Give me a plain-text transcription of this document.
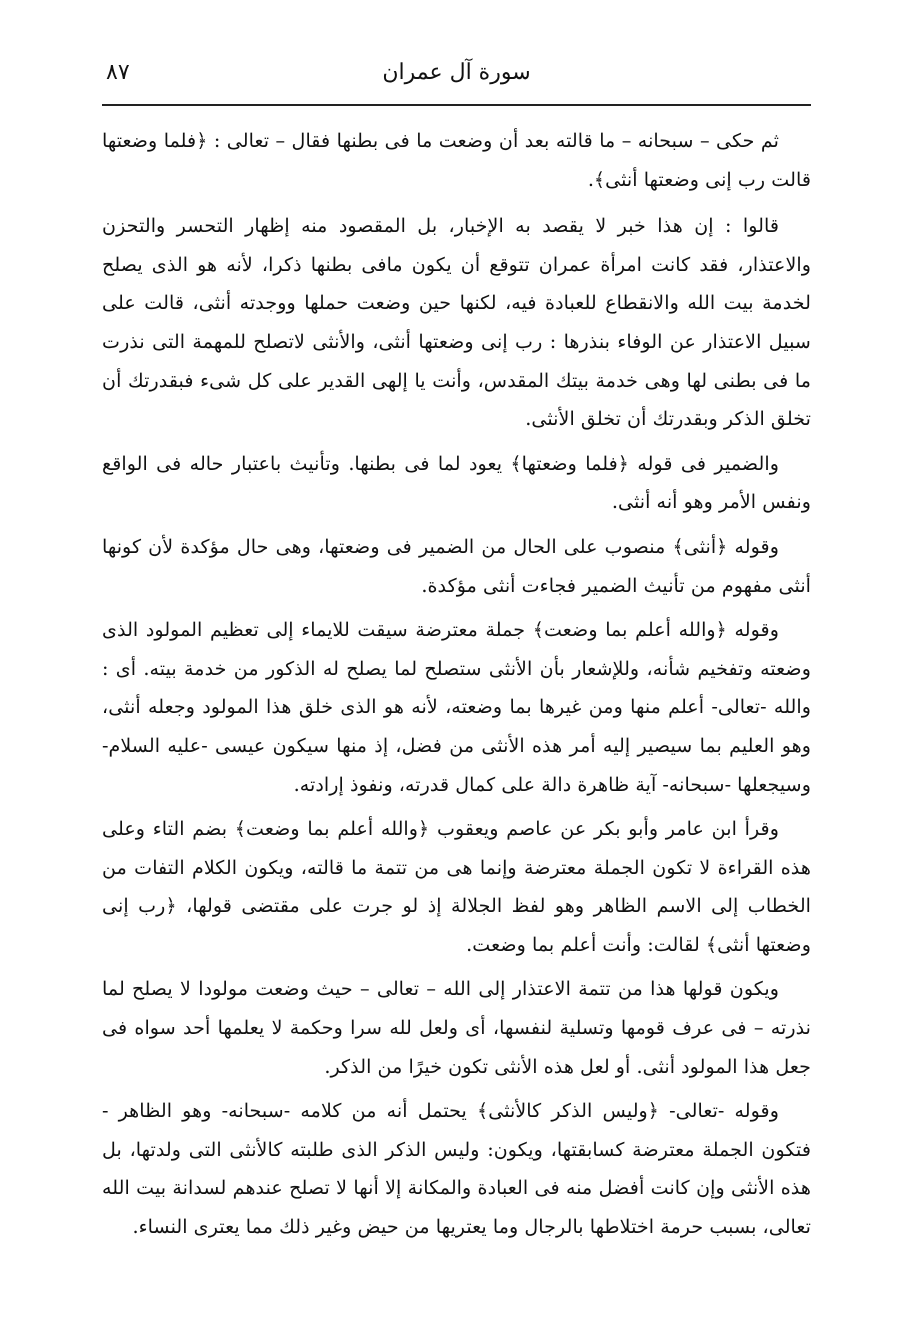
٨٧	سورة آل عمران

ثم حكى – سبحانه – ما قالته بعد أن وضعت ما فى بطنها فقال – تعالى : ﴿فلما وضعتها قالت رب إنى وضعتها أنثى﴾.

قالوا : إن هذا خبر لا يقصد به الإخبار، بل المقصود منه إظهار التحسر والتحزن والاعتذار، فقد كانت امرأة عمران تتوقع أن يكون مافى بطنها ذكرا، لأنه هو الذى يصلح لخدمة بيت الله والانقطاع للعبادة فيه، لكنها حين وضعت حملها ووجدته أنثى، قالت على سبيل الاعتذار عن الوفاء بنذرها : رب إنى وضعتها أنثى، والأنثى لاتصلح للمهمة التى نذرت ما فى بطنى لها وهى خدمة بيتك المقدس، وأنت يا إلهى القدير على كل شىء فبقدرتك أن تخلق الذكر وبقدرتك أن تخلق الأنثى.

والضمير فى قوله ﴿فلما وضعتها﴾ يعود لما فى بطنها. وتأنيث باعتبار حاله فى الواقع ونفس الأمر وهو أنه أنثى.

وقوله ﴿أنثى﴾ منصوب على الحال من الضمير فى وضعتها، وهى حال مؤكدة لأن كونها أنثى مفهوم من تأنيث الضمير فجاءت أنثى مؤكدة.

وقوله ﴿والله أعلم بما وضعت﴾ جملة معترضة سيقت للايماء إلى تعظيم المولود الذى وضعته وتفخيم شأنه، وللإشعار بأن الأنثى ستصلح لما يصلح له الذكور من خدمة بيته. أى : والله -تعالى- أعلم منها ومن غيرها بما وضعته، لأنه هو الذى خلق هذا المولود وجعله أنثى، وهو العليم بما سيصير إليه أمر هذه الأنثى من فضل، إذ منها سيكون عيسى -عليه السلام- وسيجعلها -سبحانه- آية ظاهرة دالة على كمال قدرته، ونفوذ إرادته.

وقرأ ابن عامر وأبو بكر عن عاصم ويعقوب ﴿والله أعلم بما وضعت﴾ بضم التاء وعلى هذه القراءة لا تكون الجملة معترضة وإنما هى من تتمة ما قالته، ويكون الكلام التفات من الخطاب إلى الاسم الظاهر وهو لفظ الجلالة إذ لو جرت على مقتضى قولها، ﴿رب إنى وضعتها أنثى﴾ لقالت: وأنت أعلم بما وضعت.

ويكون قولها هذا من تتمة الاعتذار إلى الله – تعالى – حيث وضعت مولودا لا يصلح لما نذرته – فى عرف قومها وتسلية لنفسها، أى ولعل لله سرا وحكمة لا يعلمها أحد سواه فى جعل هذا المولود أنثى. أو لعل هذه الأنثى تكون خيرًا من الذكر.

وقوله -تعالى- ﴿وليس الذكر كالأنثى﴾ يحتمل أنه من كلامه -سبحانه- وهو الظاهر - فتكون الجملة معترضة كسابقتها، ويكون: وليس الذكر الذى طلبته كالأنثى التى ولدتها، بل هذه الأنثى وإن كانت أفضل منه فى العبادة والمكانة إلا أنها لا تصلح عندهم لسدانة بيت الله تعالى، بسبب حرمة اختلاطها بالرجال وما يعتريها من حيض وغير ذلك مما يعترى النساء.
